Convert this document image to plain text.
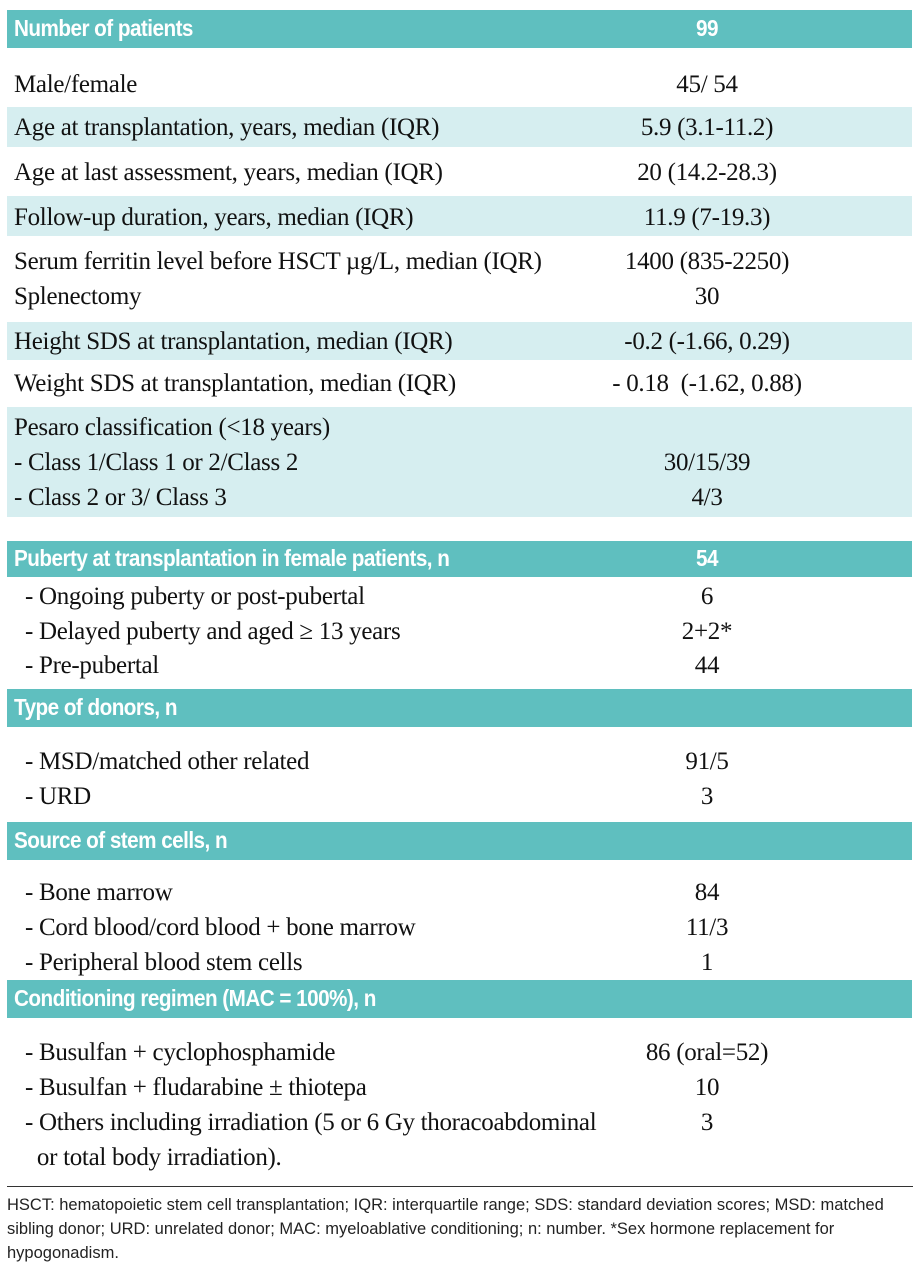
Number of patients	99
Male/female	45/ 54
Age at transplantation, years, median (IQR)	5.9 (3.1-11.2)
Age at last assessment, years, median (IQR)	20 (14.2-28.3)
Follow-up duration, years, median (IQR)	11.9 (7-19.3)
Serum ferritin level before HSCT µg/L, median (IQR)	1400 (835-2250)
Splenectomy	30
Height SDS at transplantation, median (IQR)	-0.2 (-1.66, 0.29)
Weight SDS at transplantation, median (IQR)	- 0.18  (-1.62, 0.88)
Pesaro classification (<18 years)
- Class 1/Class 1 or 2/Class 2	30/15/39
- Class 2 or 3/ Class 3	4/3
Puberty at transplantation in female patients, n	54
- Ongoing puberty or post-pubertal	6
- Delayed puberty and aged ≥ 13 years	2+2*
- Pre-pubertal	44
Type of donors, n
- MSD/matched other related	91/5
- URD	3
Source of stem cells, n
- Bone marrow	84
- Cord blood/cord blood + bone marrow	11/3
- Peripheral blood stem cells	1
Conditioning regimen (MAC = 100%), n
- Busulfan + cyclophosphamide	86 (oral=52)
- Busulfan + fludarabine ± thiotepa	10
- Others including irradiation (5 or 6 Gy thoracoabdominal	3
or total body irradiation).
HSCT: hematopoietic stem cell transplantation; IQR: interquartile range; SDS: standard deviation scores; MSD: matched sibling donor; URD: unrelated donor; MAC: myeloablative conditioning; n: number. *Sex hormone replacement for hypogonadism.
